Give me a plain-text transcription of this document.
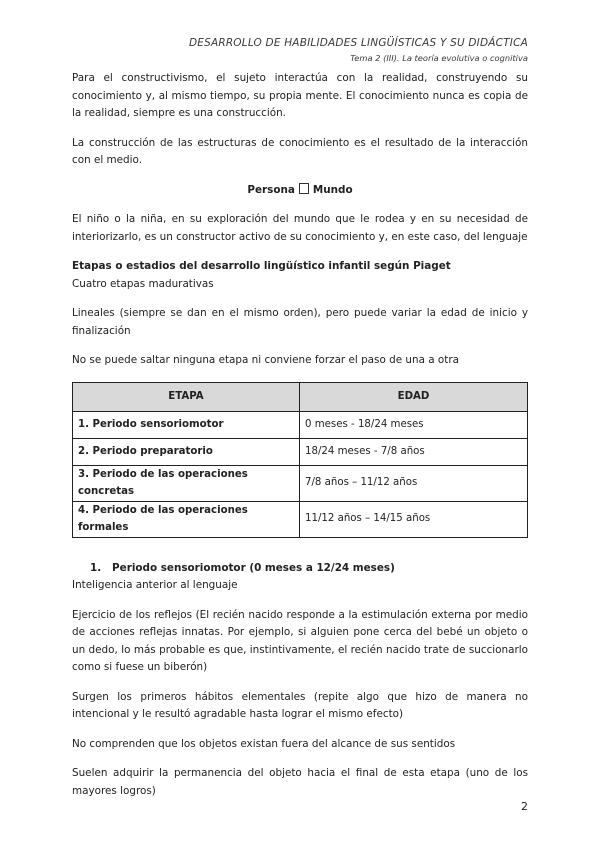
DESARROLLO DE HABILIDADES LINGÜÍSTICAS Y SU DIDÁCTICA
Tema 2 (III). La teoría evolutiva o cognitiva

Para el constructivismo, el sujeto interactúa con la realidad, construyendo su conocimiento y, al mismo tiempo, su propia mente. El conocimiento nunca es copia de la realidad, siempre es una construcción.

La construcción de las estructuras de conocimiento es el resultado de la interacción con el medio.

Persona Mundo

El niño o la niña, en su exploración del mundo que le rodea y en su necesidad de interiorizarlo, es un constructor activo de su conocimiento y, en este caso, del lenguaje

Etapas o estadios del desarrollo lingüístico infantil según Piaget

Cuatro etapas madurativas

Lineales (siempre se dan en el mismo orden), pero puede variar la edad de inicio y finalización

No se puede saltar ninguna etapa ni conviene forzar el paso de una a otra

ETAPA	EDAD
1. Periodo sensoriomotor	0 meses - 18/24 meses
2. Periodo preparatorio	18/24 meses - 7/8 años
3. Periodo de las operaciones concretas	7/8 años – 11/12 años
4. Periodo de las operaciones formales	11/12 años – 14/15 años

1. Periodo sensoriomotor (0 meses a 12/24 meses)

Inteligencia anterior al lenguaje

Ejercicio de los reflejos (El recién nacido responde a la estimulación externa por medio de acciones reflejas innatas. Por ejemplo, si alguien pone cerca del bebé un objeto o un dedo, lo más probable es que, instintivamente, el recién nacido trate de succionarlo como si fuese un biberón)

Surgen los primeros hábitos elementales (repite algo que hizo de manera no intencional y le resultó agradable hasta lograr el mismo efecto)

No comprenden que los objetos existan fuera del alcance de sus sentidos

Suelen adquirir la permanencia del objeto hacia el final de esta etapa (uno de los mayores logros)

2
